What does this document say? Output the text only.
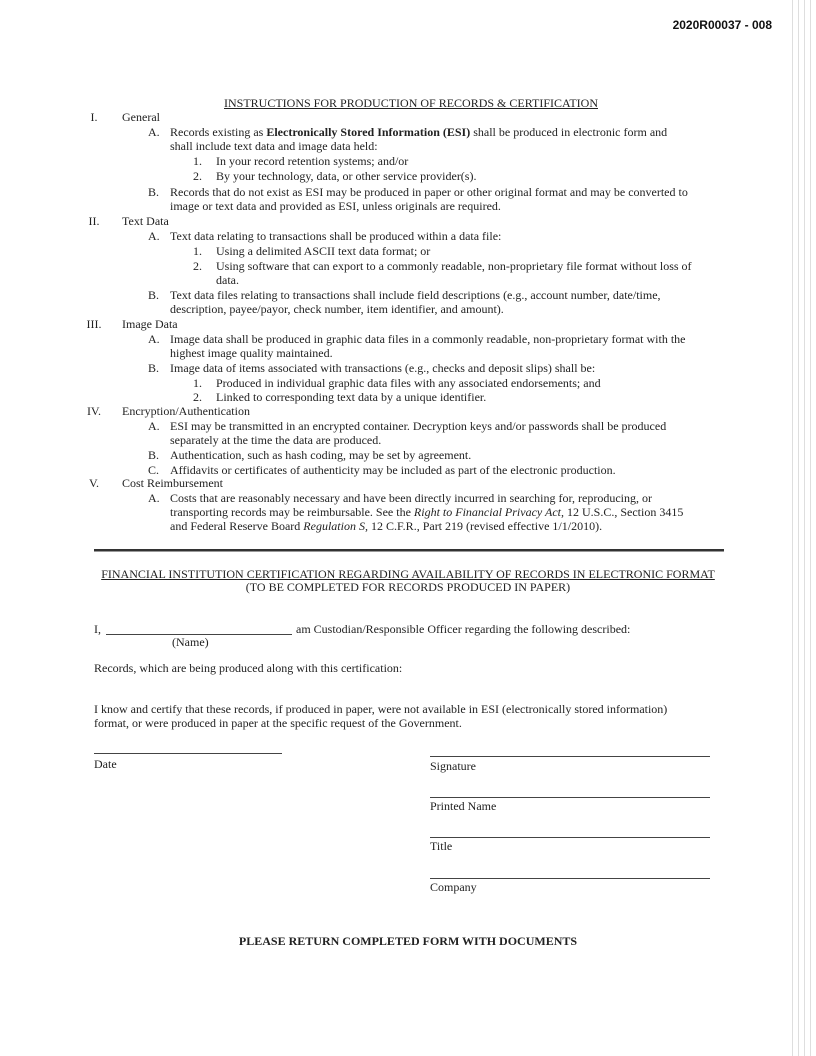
2020R00037 - 008
INSTRUCTIONS FOR PRODUCTION OF RECORDS & CERTIFICATION
I.	General
A. Records existing as Electronically Stored Information (ESI) shall be produced in electronic form and
shall include text data and image data held:
1. In your record retention systems; and/or
2. By your technology, data, or other service provider(s).
B. Records that do not exist as ESI may be produced in paper or other original format and may be converted to
image or text data and provided as ESI, unless originals are required.
II.	Text Data
A. Text data relating to transactions shall be produced within a data file:
1. Using a delimited ASCII text data format; or
2. Using software that can export to a commonly readable, non-proprietary file format without loss of
data.
B. Text data files relating to transactions shall include field descriptions (e.g., account number, date/time,
description, payee/payor, check number, item identifier, and amount).
III.	Image Data
A. Image data shall be produced in graphic data files in a commonly readable, non-proprietary format with the
highest image quality maintained.
B. Image data of items associated with transactions (e.g., checks and deposit slips) shall be:
1. Produced in individual graphic data files with any associated endorsements; and
2. Linked to corresponding text data by a unique identifier.
IV.	Encryption/Authentication
A. ESI may be transmitted in an encrypted container. Decryption keys and/or passwords shall be produced
separately at the time the data are produced.
B. Authentication, such as hash coding, may be set by agreement.
C. Affidavits or certificates of authenticity may be included as part of the electronic production.
V.	Cost Reimbursement
A. Costs that are reasonably necessary and have been directly incurred in searching for, reproducing, or
transporting records may be reimbursable. See the Right to Financial Privacy Act, 12 U.S.C., Section 3415
and Federal Reserve Board Regulation S, 12 C.F.R., Part 219 (revised effective 1/1/2010).
FINANCIAL INSTITUTION CERTIFICATION REGARDING AVAILABILITY OF RECORDS IN ELECTRONIC FORMAT
(TO BE COMPLETED FOR RECORDS PRODUCED IN PAPER)
I,	am Custodian/Responsible Officer regarding the following described:
(Name)
Records, which are being produced along with this certification:
I know and certify that these records, if produced in paper, were not available in ESI (electronically stored information)
format, or were produced in paper at the specific request of the Government.
Date	Signature
Printed Name
Title
Company
PLEASE RETURN COMPLETED FORM WITH DOCUMENTS
